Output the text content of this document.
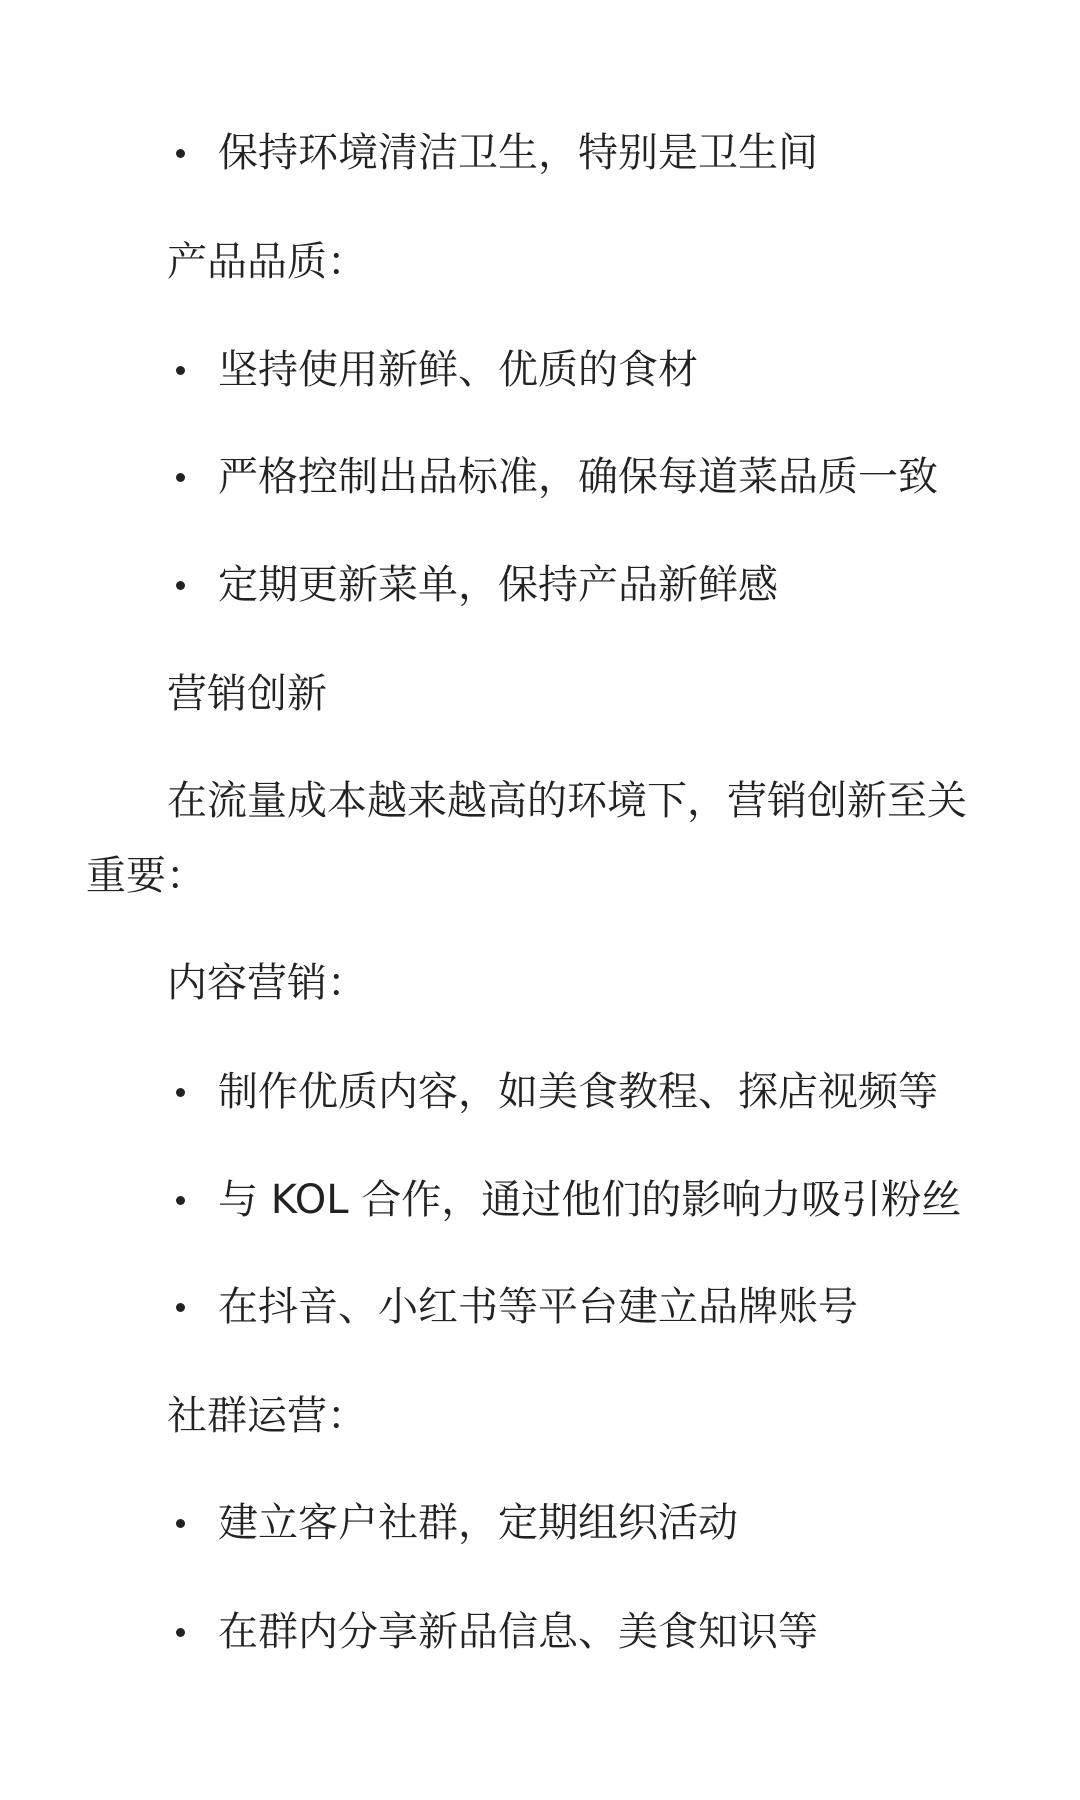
保持环境清洁卫生，特别是卫生间
产品品质：
坚持使用新鲜、优质的食材
严格控制出品标准，确保每道菜品质一致
定期更新菜单，保持产品新鲜感
营销创新
在流量成本越来越高的环境下，营销创新至关
重要：
内容营销：
制作优质内容，如美食教程、探店视频等
与 KOL 合作，通过他们的影响力吸引粉丝
在抖音、小红书等平台建立品牌账号
社群运营：
建立客户社群，定期组织活动
在群内分享新品信息、美食知识等
